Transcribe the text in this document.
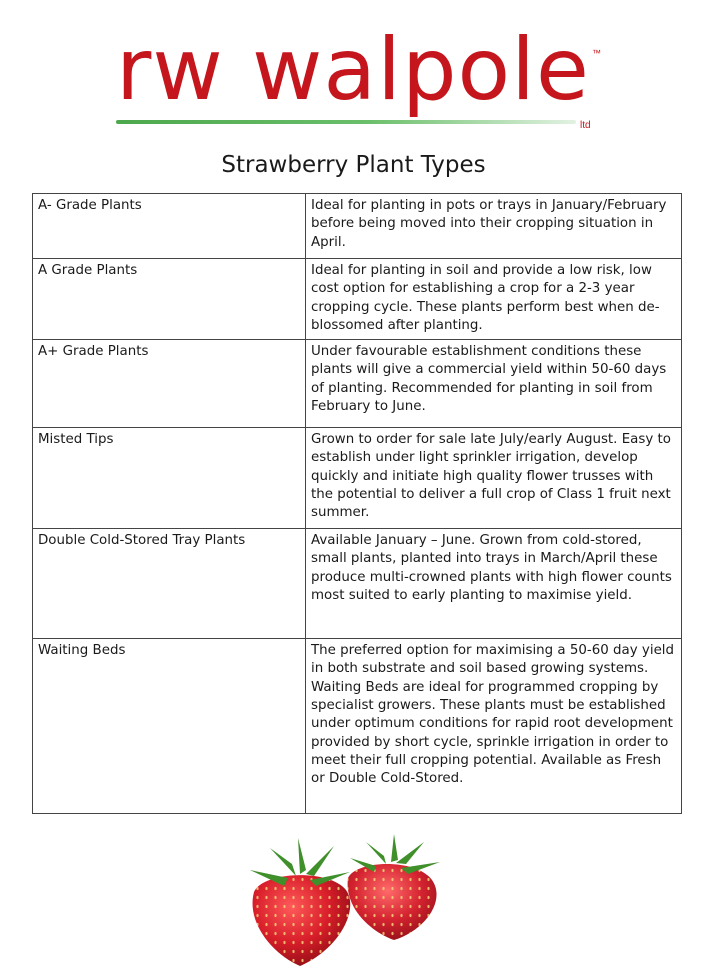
rw walpole ™
ltd
Strawberry Plant Types
A- Grade Plants	Ideal for planting in pots or trays in January/February before being moved into their cropping situation in April.
A Grade Plants	Ideal for planting in soil and provide a low risk, low cost option for establishing a crop for a 2-3 year cropping cycle. These plants perform best when de-blossomed after planting.
A+ Grade Plants	Under favourable establishment conditions these plants will give a commercial yield within 50-60 days of planting. Recommended for planting in soil from February to June.
Misted Tips	Grown to order for sale late July/early August. Easy to establish under light sprinkler irrigation, develop quickly and initiate high quality flower trusses with the potential to deliver a full crop of Class 1 fruit next summer.
Double Cold-Stored Tray Plants	Available January – June. Grown from cold-stored, small plants, planted into trays in March/April these produce multi-crowned plants with high flower counts most suited to early planting to maximise yield.
Waiting Beds	The preferred option for maximising a 50-60 day yield in both substrate and soil based growing systems. Waiting Beds are ideal for programmed cropping by specialist growers. These plants must be established under optimum conditions for rapid root development provided by short cycle, sprinkle irrigation in order to meet their full cropping potential. Available as Fresh or Double Cold-Stored.
